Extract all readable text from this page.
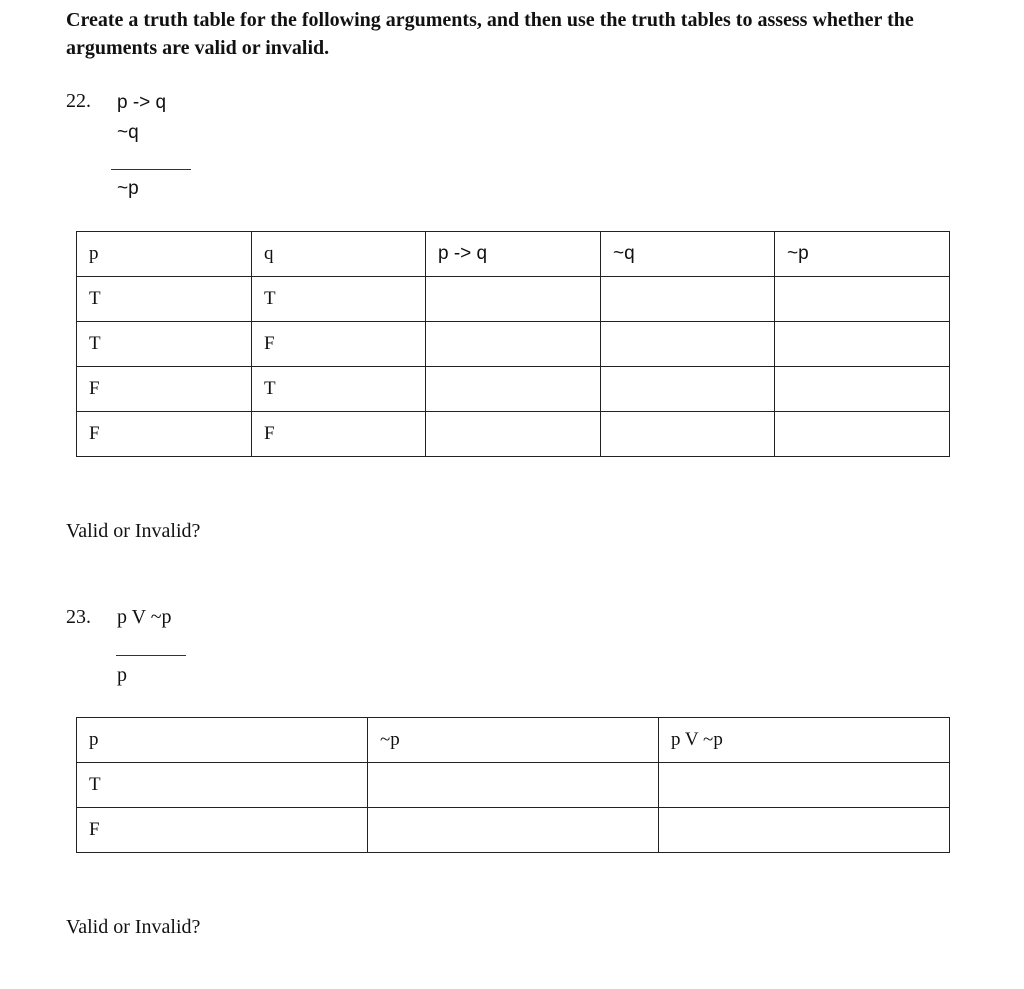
Create a truth table for the following arguments, and then use the truth tables to assess whether the arguments are valid or invalid.

22. p -> q
~q
~p
p	q	p -> q	~q	~p
T	T			
T	F			
F	T			
F	F			
Valid or Invalid?
23. p V ~p
p
p	~p	p V ~p
T		
F		
Valid or Invalid?
